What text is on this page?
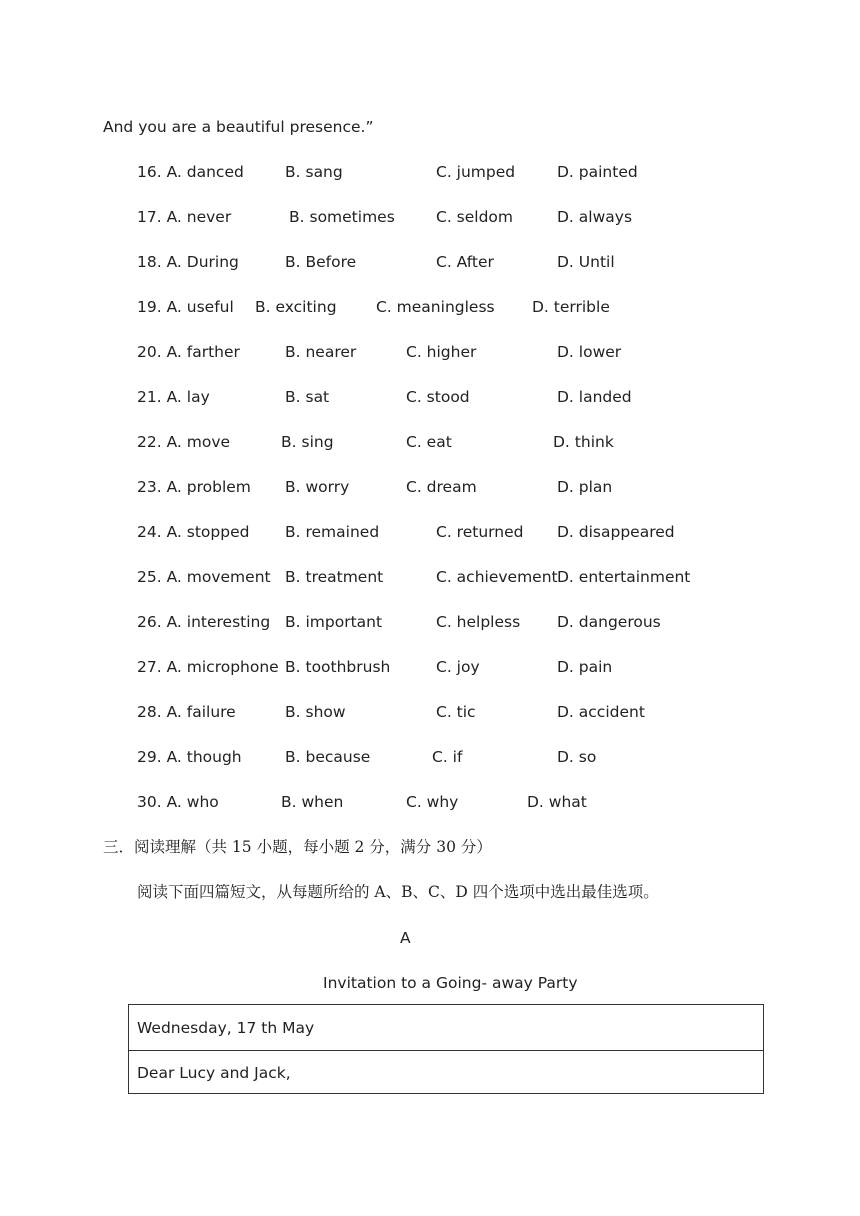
And you are a beautiful presence.”
16. A. danced	B. sang	C. jumped	D. painted
17. A. never	B. sometimes	C. seldom	D. always
18. A. During	B. Before	C. After	D. Until
19. A. useful B. exciting	C. meaningless D. terrible
20. A. farther	B. nearer	C. higher	D. lower
21. A. lay	B. sat	C. stood	D. landed
22. A. move	B. sing	C. eat	D. think
23. A. problem B. worry	C. dream	D. plan
24. A. stopped B. remained	C. returned D. disappeared
25. A. movement B. treatment	C. achievement D. entertainment
26. A. interesting B. important	C. helpless D. dangerous
27. A. microphone B. toothbrush	C. joy	D. pain
28. A. failure	B. show	C. tic	D. accident
29. A. though	B. because	C. if	D. so
30. A. who	B. when	C. why	D. what
三．阅读理解（共 15 小题，每小题 2 分，满分 30 分）
阅读下面四篇短文，从每题所给的 A、B、C、D 四个选项中选出最佳选项。
A
Invitation to a Going- away Party
Wednesday, 17 th May
Dear Lucy and Jack,
